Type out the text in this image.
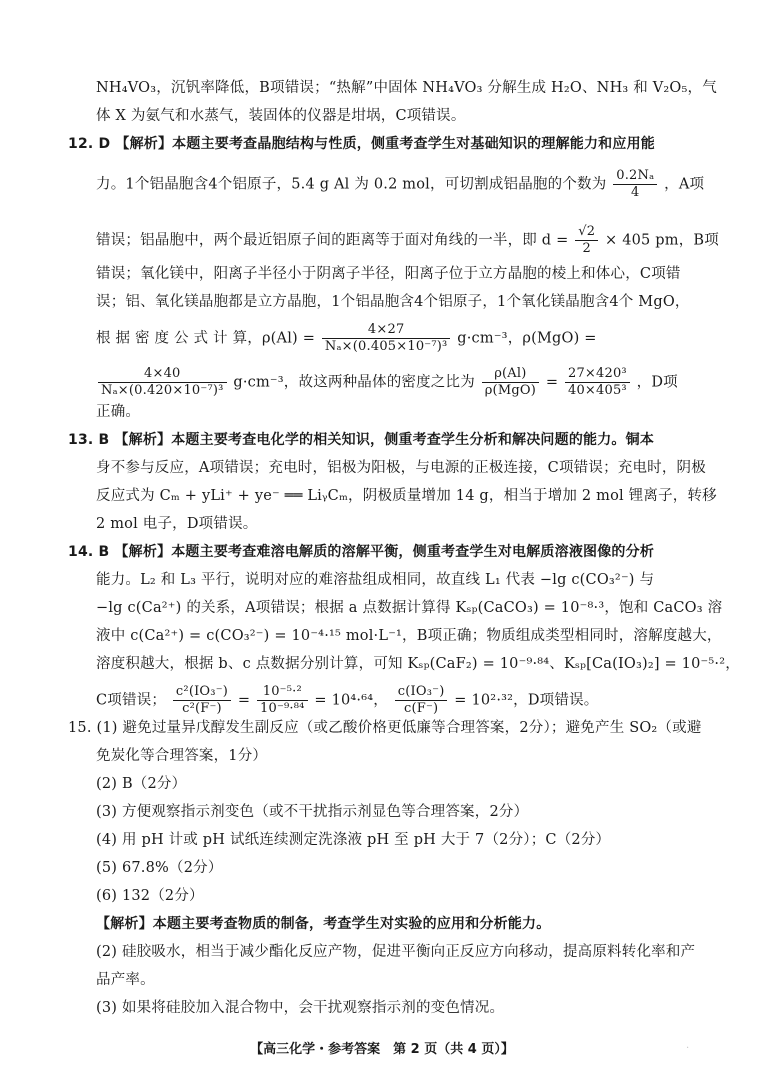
NH₄VO₃，沉钒率降低，B项错误；“热解”中固体 NH₄VO₃ 分解生成 H₂O、NH₃ 和 V₂O₅，气
体 X 为氨气和水蒸气，装固体的仪器是坩埚，C项错误。
12. D 【解析】本题主要考查晶胞结构与性质，侧重考查学生对基础知识的理解能力和应用能
力。1个铝晶胞含4个铝原子，5.4 g Al 为 0.2 mol，可切割成铝晶胞的个数为 $\frac{\text{0.2Nₐ}}{4}$ ，A项
错误；铝晶胞中，两个最近铝原子间的距离等于面对角线的一半，即 $d = \frac{√2}{2} \times 405$ pm，B项
错误；氧化镁中，阳离子半径小于阴离子半径，阳离子位于立方晶胞的棱上和体心，C项错
误；铝、氧化镁晶胞都是立方晶胞，1个铝晶胞含4个铝原子，1个氧化镁晶胞含4个 MgO，
根 据 密 度 公 式 计 算，$\rho(Al) = \frac{4\times 27}{\text{Nₐ×(0.405×10⁻⁷)³}} g\cdot cm^{-3}$，ρ(MgO) =
$\frac{4\times 40}{\text{Nₐ×(0.420×10⁻⁷)³}} g\cdot cm^{-3}$，故这两种晶体的密度之比为 $\frac{\rho(Al)}{\text{ρ(MgO)}} = \frac{\text{27×420³}}{\text{40×405³}}$ ，D项
正确。
13. B 【解析】本题主要考查电化学的相关知识，侧重考查学生分析和解决问题的能力。铜本
身不参与反应，A项错误；充电时，铝极为阳极，与电源的正极连接，C项错误；充电时，阴极
反应式为 Cₘ + yLi⁺ + ye⁻ ══ LiᵧCₘ，阴极质量增加 14 g，相当于增加 2 mol 锂离子，转移
2 mol 电子，D项错误。
14. B 【解析】本题主要考查难溶电解质的溶解平衡，侧重考查学生对电解质溶液图像的分析
能力。L₂ 和 L₃ 平行，说明对应的难溶盐组成相同，故直线 L₁ 代表 −lg c(CO₃²⁻) 与
−lg c(Ca²⁺) 的关系，A项错误；根据 a 点数据计算得 Kₛₚ(CaCO₃) = 10⁻⁸·³，饱和 CaCO₃ 溶
液中 c(Ca²⁺) = c(CO₃²⁻) = 10⁻⁴·¹⁵ mol·L⁻¹，B项正确；物质组成类型相同时，溶解度越大，
溶度积越大，根据 b、c 点数据分别计算，可知 Kₛₚ(CaF₂) = 10⁻⁹·⁸⁴、Kₛₚ[Ca(IO₃)₂] = 10⁻⁵·²，
C项错误； $\frac{\text{c²(IO₃⁻)}}{\text{c²(F⁻)}} = \frac{\text{10⁻⁵·²}}{\text{10⁻⁹·⁸⁴}} = 10^4\cdot^{64}$， $\frac{\text{c(IO₃⁻)}}{c(F^-)} = 10^2\cdot^{32}$，D项错误。
15. (1) 避免过量异戊醇发生副反应（或乙酸价格更低廉等合理答案，2分）；避免产生 SO₂（或避
免炭化等合理答案，1分）
(2) B（2分）
(3) 方便观察指示剂变色（或不干扰指示剂显色等合理答案，2分）
(4) 用 pH 计或 pH 试纸连续测定洗涤液 pH 至 pH 大于 7（2分）；C（2分）
(5) 67.8%（2分）
(6) 132（2分）
【解析】本题主要考查物质的制备，考查学生对实验的应用和分析能力。
(2) 硅胶吸水，相当于减少酯化反应产物，促进平衡向正反应方向移动，提高原料转化率和产
品产率。
(3) 如果将硅胶加入混合物中，会干扰观察指示剂的变色情况。
【高三化学・参考答案　第 2 页（共 4 页）】	.
